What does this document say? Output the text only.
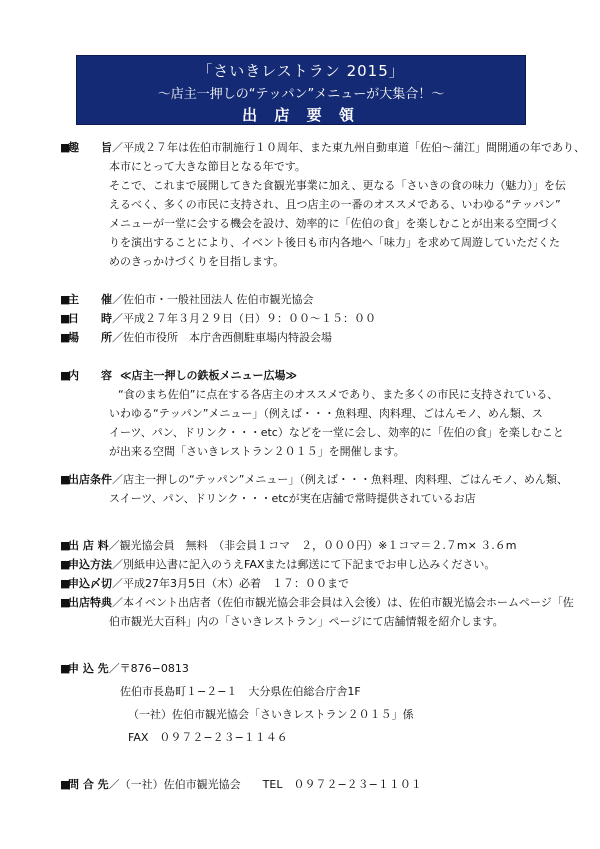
「さいきレストラン 2015」
〜店主一押しの“テッパン”メニューが大集合！〜
出 店 要 領
■
趣　　旨 ／平成２７年は佐伯市制施行１０周年、また東九州自動車道「佐伯〜蒲江」間開通の年であり、
本市にとって大きな節目となる年です。
そこで、これまで展開してきた食観光事業に加え、更なる「さいきの食の味力（魅力）」を伝
えるべく、多くの市民に支持され、且つ店主の一番のオススメである、いわゆる“テッパン”
メニューが一堂に会する機会を設け、効率的に「佐伯の食」を楽しむことが出来る空間づく
りを演出することにより、イベント後日も市内各地へ「味力」を求めて周遊していただくた
めのきっかけづくりを目指します。
■
主　　催 ／佐伯市・一般社団法人 佐伯市観光協会
■
日　　時 ／平成２７年３月２９日（日）９：００〜１５：００
■
場　　所 ／佐伯市役所　本庁舎西側駐車場内特設会場
■
内　　容 ≪店主一押しの鉄板メニュー広場≫
“食のまち佐伯”に点在する各店主のオススメであり、また多くの市民に支持されている、
いわゆる“テッパン”メニュー」（例えば・・・魚料理、肉料理、ごはんモノ、めん類、ス
イーツ、パン、ドリンク・・・etc）などを一堂に会し、効率的に「佐伯の食」を楽しむこと
が出来る空間「さいきレストラン２０１５」を開催します。
■
出店条件 ／店主一押しの“テッパン”メニュー」（例えば・・・魚料理、肉料理、ごはんモノ、めん類、
スイーツ、パン、ドリンク・・・etcが実在店舗で常時提供されているお店
■
出 店 料 ／観光協会員　無料　（非会員１コマ　２，０００円）※１コマ＝２.７m× ３.６m
■
申込方法 ／別紙申込書に記入のうえFAXまたは郵送にて下記までお申し込みください。
■
申込〆切 ／平成27年3月5日（木）必着　１７：００まで
■
出店特典 ／本イベント出店者（佐伯市観光協会非会員は入会後）は、佐伯市観光協会ホームページ「佐
伯市観光大百科」内の「さいきレストラン」ページにて店舗情報を紹介します。
■
申 込 先 ／〒876−0813
佐伯市長島町１−２−１　大分県佐伯総合庁舎1F
（一社）佐伯市観光協会「さいきレストラン２０１５」係
FAX　０９７２−２３−１１４６
■
問 合 先 ／（一社）佐伯市観光協会　　TEL　０９７２−２３−１１０１
